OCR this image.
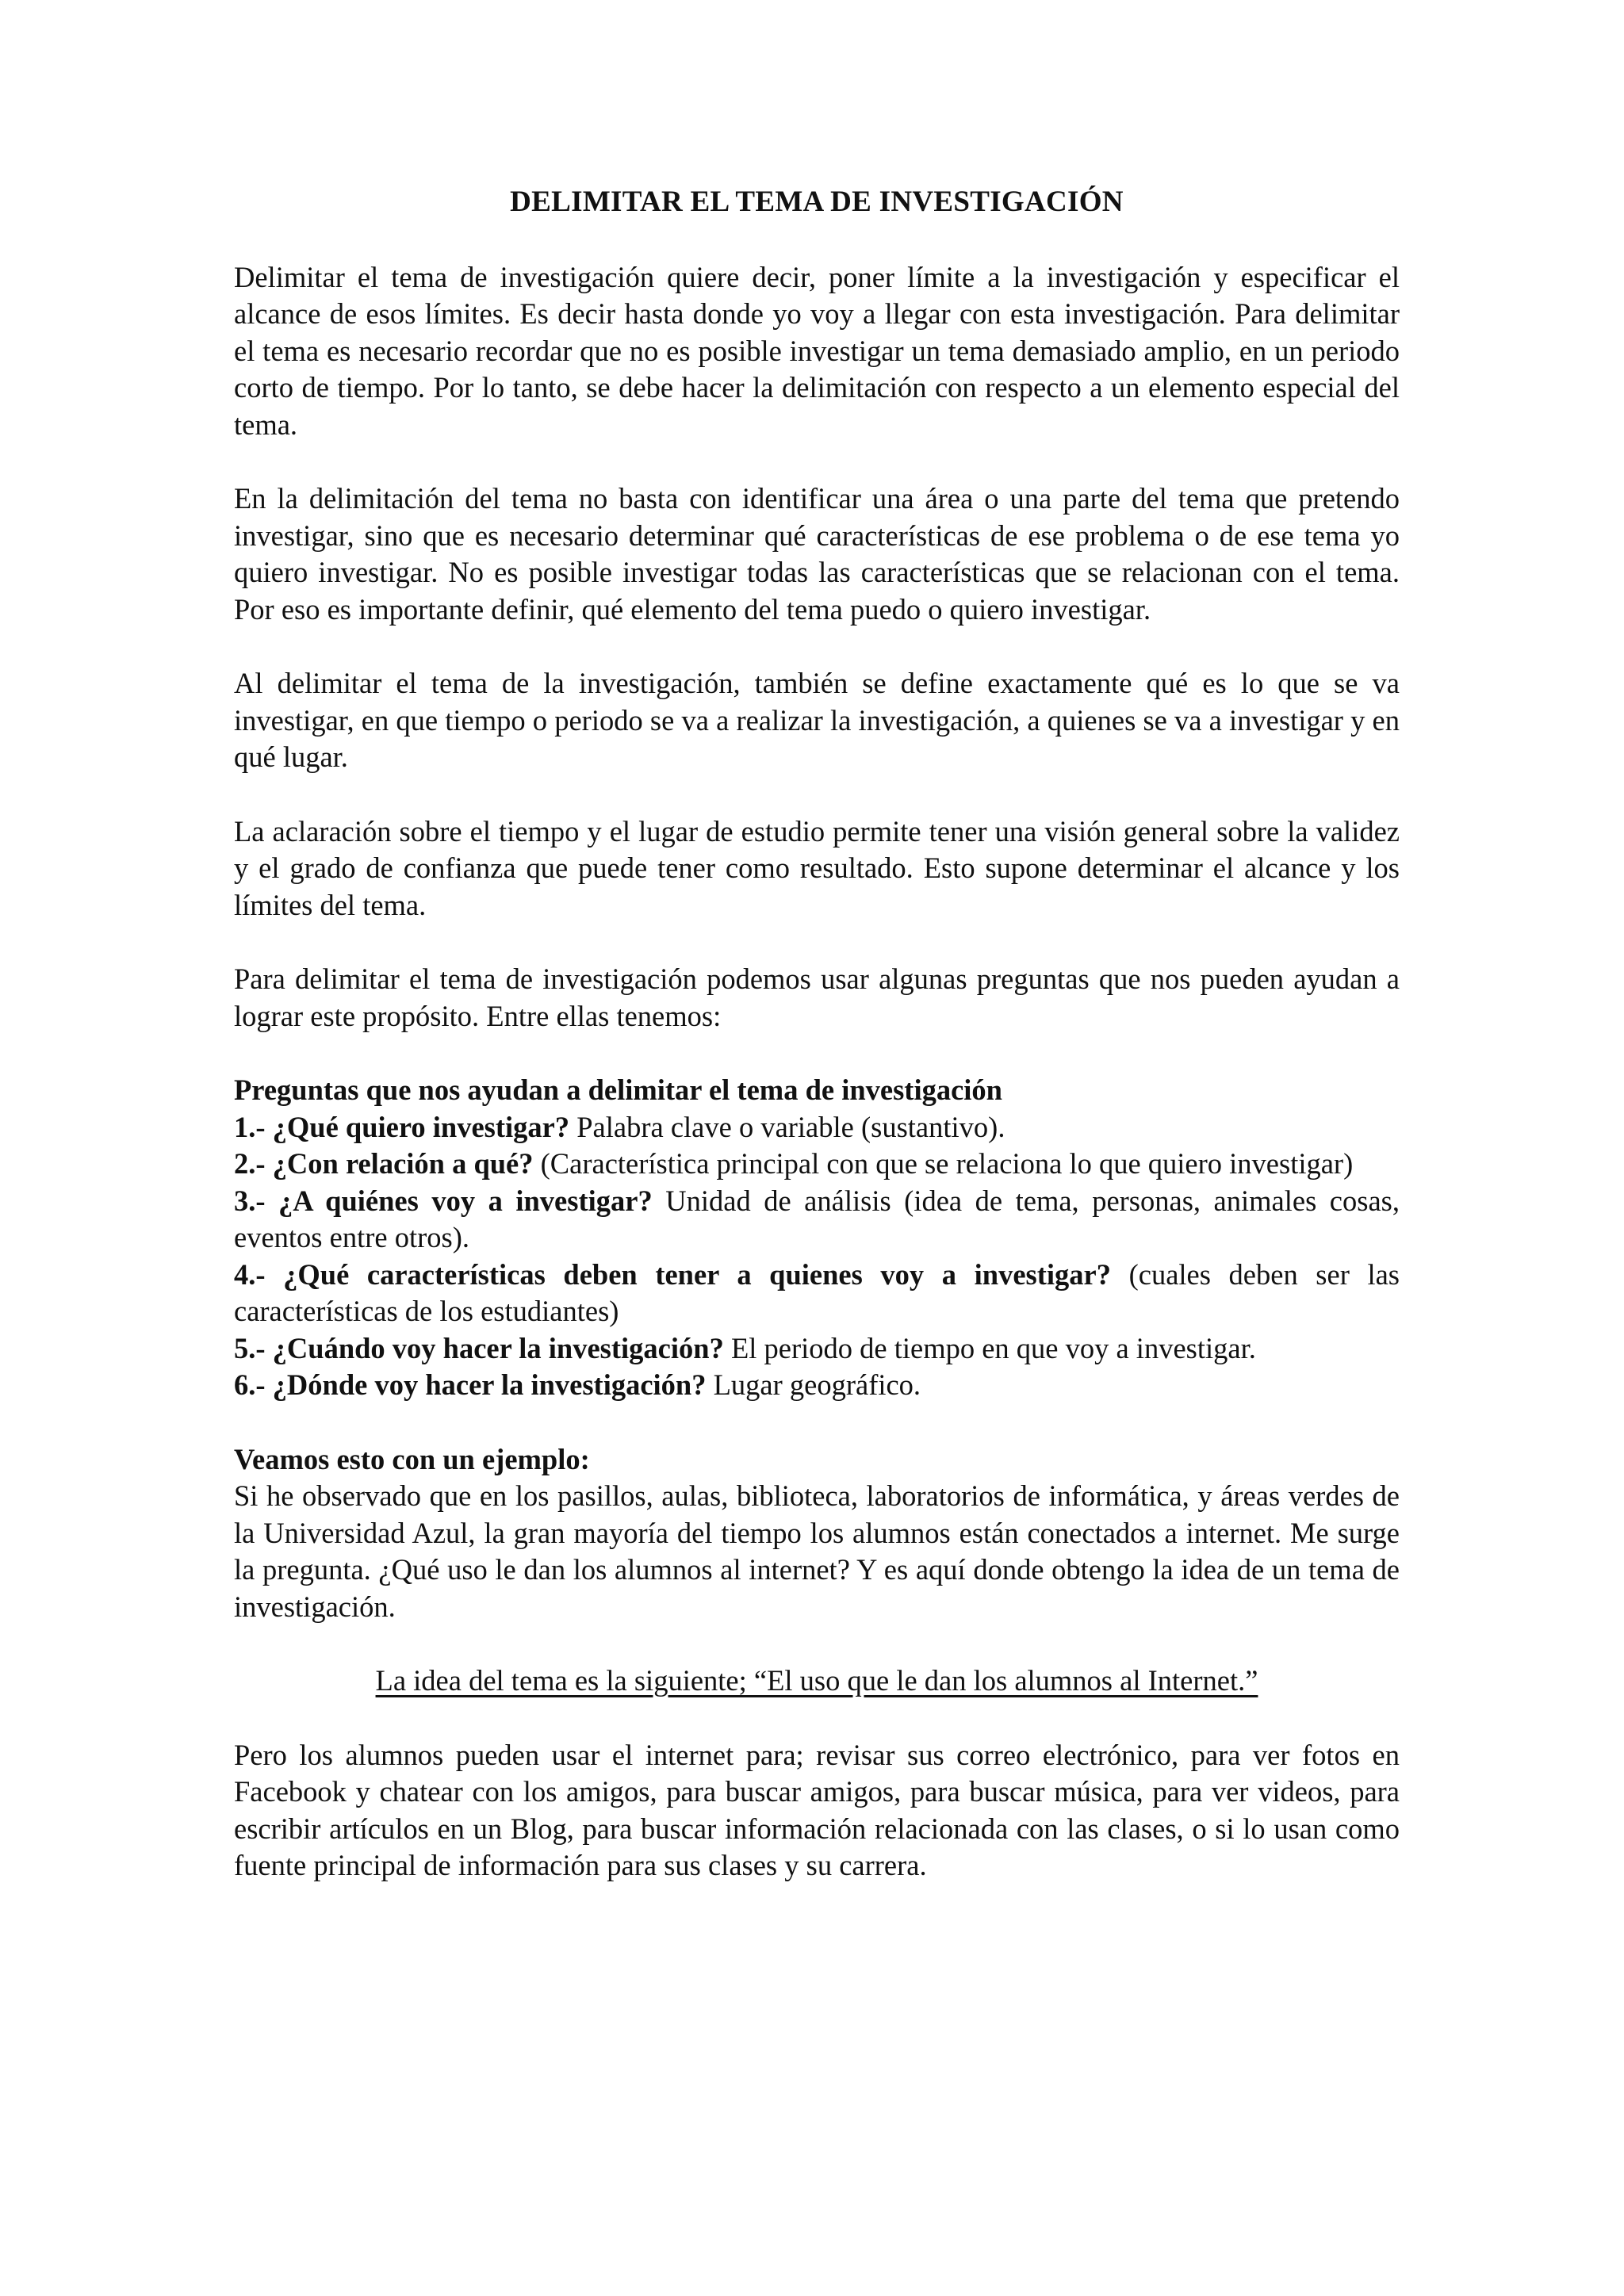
DELIMITAR EL TEMA DE INVESTIGACIÓN

Delimitar el tema de investigación quiere decir, poner límite a la investigación y especificar el alcance de esos límites. Es decir hasta donde yo voy a llegar con esta investigación. Para delimitar el tema es necesario recordar que no es posible investigar un tema demasiado amplio, en un periodo corto de tiempo. Por lo tanto, se debe hacer la delimitación con respecto a un elemento especial del tema.

En la delimitación del tema no basta con identificar una área o una parte del tema que pretendo investigar, sino que es necesario determinar qué características de ese problema o de ese tema yo quiero investigar. No es posible investigar todas las características que se relacionan con el tema. Por eso es importante definir, qué elemento del tema puedo o quiero investigar.

Al delimitar el tema de la investigación, también se define exactamente qué es lo que se va investigar, en que tiempo o periodo se va a realizar la investigación, a quienes se va a investigar y en qué lugar.

La aclaración sobre el tiempo y el lugar de estudio permite tener una visión general sobre la validez y el grado de confianza que puede tener como resultado. Esto supone determinar el alcance y los límites del tema.

Para delimitar el tema de investigación podemos usar algunas preguntas que nos pueden ayudan a lograr este propósito. Entre ellas tenemos:

Preguntas que nos ayudan a delimitar el tema de investigación

1.- ¿Qué quiero investigar? Palabra clave o variable (sustantivo).

2.- ¿Con relación a qué? (Característica principal con que se relaciona lo que quiero investigar)

3.- ¿A quiénes voy a investigar? Unidad de análisis (idea de tema, personas, animales cosas, eventos entre otros).

4.- ¿Qué características deben tener a quienes voy a investigar? (cuales deben ser las características de los estudiantes)

5.- ¿Cuándo voy hacer la investigación? El periodo de tiempo en que voy a investigar.

6.- ¿Dónde voy hacer la investigación? Lugar geográfico.

Veamos esto con un ejemplo:

Si he observado que en los pasillos, aulas, biblioteca, laboratorios de informática, y áreas verdes de la Universidad Azul, la gran mayoría del tiempo los alumnos están conectados a internet. Me surge la pregunta. ¿Qué uso le dan los alumnos al internet? Y es aquí donde obtengo la idea de un tema de investigación.

La idea del tema es la siguiente; “El uso que le dan los alumnos al Internet.”

Pero los alumnos pueden usar el internet para; revisar sus correo electrónico, para ver fotos en Facebook y chatear con los amigos, para buscar amigos, para buscar música, para ver videos, para escribir artículos en un Blog, para buscar información relacionada con las clases, o si lo usan como fuente principal de información para sus clases y su carrera.
